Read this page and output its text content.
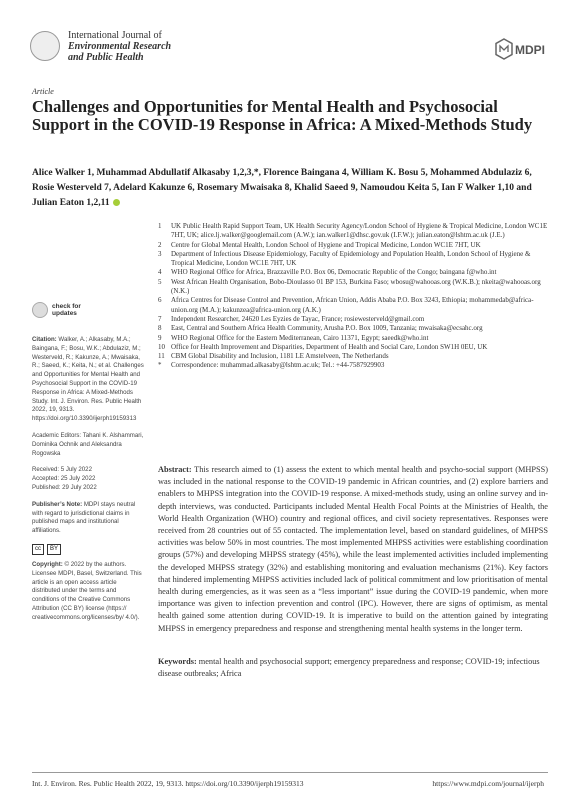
International Journal of
Environmental Research
and Public Health
MDPI
Article
Challenges and Opportunities for Mental Health and Psychosocial Support in the COVID-19 Response in Africa: A Mixed-Methods Study
Alice Walker 1, Muhammad Abdullatif Alkasaby 1,2,3,*, Florence Baingana 4, William K. Bosu 5, Mohammed Abdulaziz 6, Rosie Westerveld 7, Adelard Kakunze 6, Rosemary Mwaisaka 8, Khalid Saeed 9, Namoudou Keita 5, Ian F Walker 1,10 and Julian Eaton 1,2,11
1	UK Public Health Rapid Support Team, UK Health Security Agency/London School of Hygiene & Tropical Medicine, London WC1E 7HT, UK; alice.lj.walker@googlemail.com (A.W.); ian.walker1@dhsc.gov.uk (I.F.W.); julian.eaton@lshtm.ac.uk (J.E.)
2	Centre for Global Mental Health, London School of Hygiene and Tropical Medicine, London WC1E 7HT, UK
3	Department of Infectious Disease Epidemiology, Faculty of Epidemiology and Population Health, London School of Hygiene & Tropical Medicine, London WC1E 7HT, UK
4	WHO Regional Office for Africa, Brazzaville P.O. Box 06, Democratic Republic of the Congo; baingana f@who.int
5	West African Health Organisation, Bobo-Dioulasso 01 BP 153, Burkina Faso; wbosu@wahooas.org (W.K.B.); nkeita@wahooas.org (N.K.)
6	Africa Centres for Disease Control and Prevention, African Union, Addis Ababa P.O. Box 3243, Ethiopia; mohammedab@africa-union.org (M.A.); kakunzea@africa-union.org (A.K.)
7	Independent Researcher, 24620 Les Eyzies de Tayac, France; rosiewesterveld@gmail.com
8	East, Central and Southern Africa Health Community, Arusha P.O. Box 1009, Tanzania; mwaisaka@ecsahc.org
9	WHO Regional Office for the Eastern Mediterranean, Cairo 11371, Egypt; saeedk@who.int
10 Office for Health Improvement and Disparities, Department of Health and Social Care, London SW1H 0EU, UK
11 CBM Global Disability and Inclusion, 1181 LE Amstelveen, The Netherlands
*	Correspondence: muhammad.alkasaby@lshtm.ac.uk; Tel.: +44-7587929903
check for
updates
Citation: Walker, A.; Alkasaby, M.A.; Baingana, F.; Bosu, W.K.; Abdulaziz, M.; Westerveld, R.; Kakunze, A.; Mwaisaka, R.; Saeed, K.; Keita, N.; et al. Challenges and Opportunities for Mental Health and Psychosocial Support in the COVID-19 Response in Africa: A Mixed-Methods Study. Int. J. Environ. Res. Public Health 2022, 19, 9313. https://doi.org/10.3390/ijerph19159313
Academic Editors: Tahani K. Alshammari, Dominika Ochnik and Aleksandra Rogowska
Received: 5 July 2022
Accepted: 25 July 2022
Published: 29 July 2022
Publisher’s Note: MDPI stays neutral with regard to jurisdictional claims in published maps and institutional affiliations.
cc	BY
Copyright: © 2022 by the authors. Licensee MDPI, Basel, Switzerland. This article is an open access article distributed under the terms and conditions of the Creative Commons Attribution (CC BY) license (https:// creativecommons.org/licenses/by/ 4.0/).
Abstract: This research aimed to (1) assess the extent to which mental health and psycho-social support (MHPSS) was included in the national response to the COVID-19 pandemic in African countries, and (2) explore barriers and enablers to MHPSS integration into the COVID-19 response. A mixed-methods study, using an online survey and in-depth interviews, was conducted. Participants included Mental Health Focal Points at the Ministries of Health, the World Health Organization (WHO) country and regional offices, and civil society representatives. Responses were received from 28 countries out of 55 contacted. The implementation level, based on standard guidelines, of MHPSS activities was below 50% in most countries. The most implemented MHPSS activities were establishing coordination groups (57%) and developing MHPSS strategy (45%), while the least implemented activities included implementing the developed MHPSS strategy (32%) and establishing monitoring and evaluation mechanisms (21%). Key factors that hindered implementing MHPSS activities included lack of political commitment and low prioritisation of mental health during emergencies, as it was seen as a “less important” issue during the COVID-19 pandemic, when more importance was given to infection prevention and control (IPC). However, there are signs of optimism, as mental health gained some attention during COVID-19. It is imperative to build on the attention gained by integrating MHPSS in emergency preparedness and response and strengthening mental health systems in the longer term.
Keywords: mental health and psychosocial support; emergency preparedness and response; COVID-19; infectious disease outbreaks; Africa
Int. J. Environ. Res. Public Health 2022, 19, 9313. https://doi.org/10.3390/ijerph19159313	https://www.mdpi.com/journal/ijerph
